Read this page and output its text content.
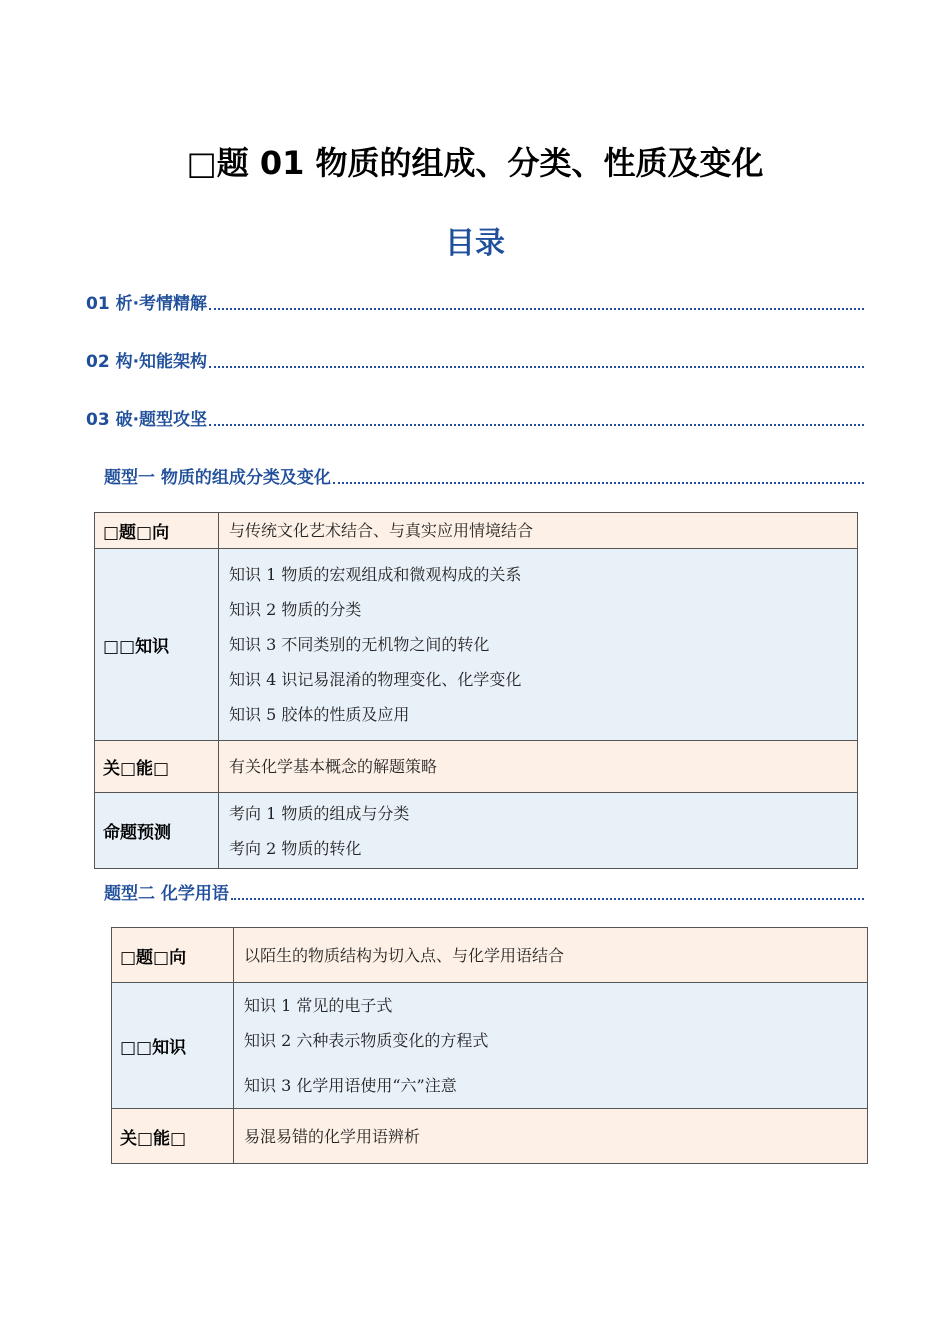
□题 01 物质的组成、分类、性质及变化
目录
01 析·考情精解
02 构·知能架构
03 破·题型攻坚
题型一 物质的组成分类及变化
□题□向	与传统文化艺术结合、与真实应用情境结合

□□知识	知识 1 物质的宏观组成和微观构成的关系
知识 2 物质的分类
知识 3 不同类别的无机物之间的转化
知识 4 识记易混淆的物理变化、化学变化
知识 5 胶体的性质及应用

关□能□	有关化学基本概念的解题策略

命题预测	考向 1 物质的组成与分类
考向 2 物质的转化
题型二 化学用语
□题□向	以陌生的物质结构为切入点、与化学用语结合

□□知识	知识 1 常见的电子式
知识 2 六种表示物质变化的方程式
知识 3 化学用语使用“六”注意

关□能□	易混易错的化学用语辨析
